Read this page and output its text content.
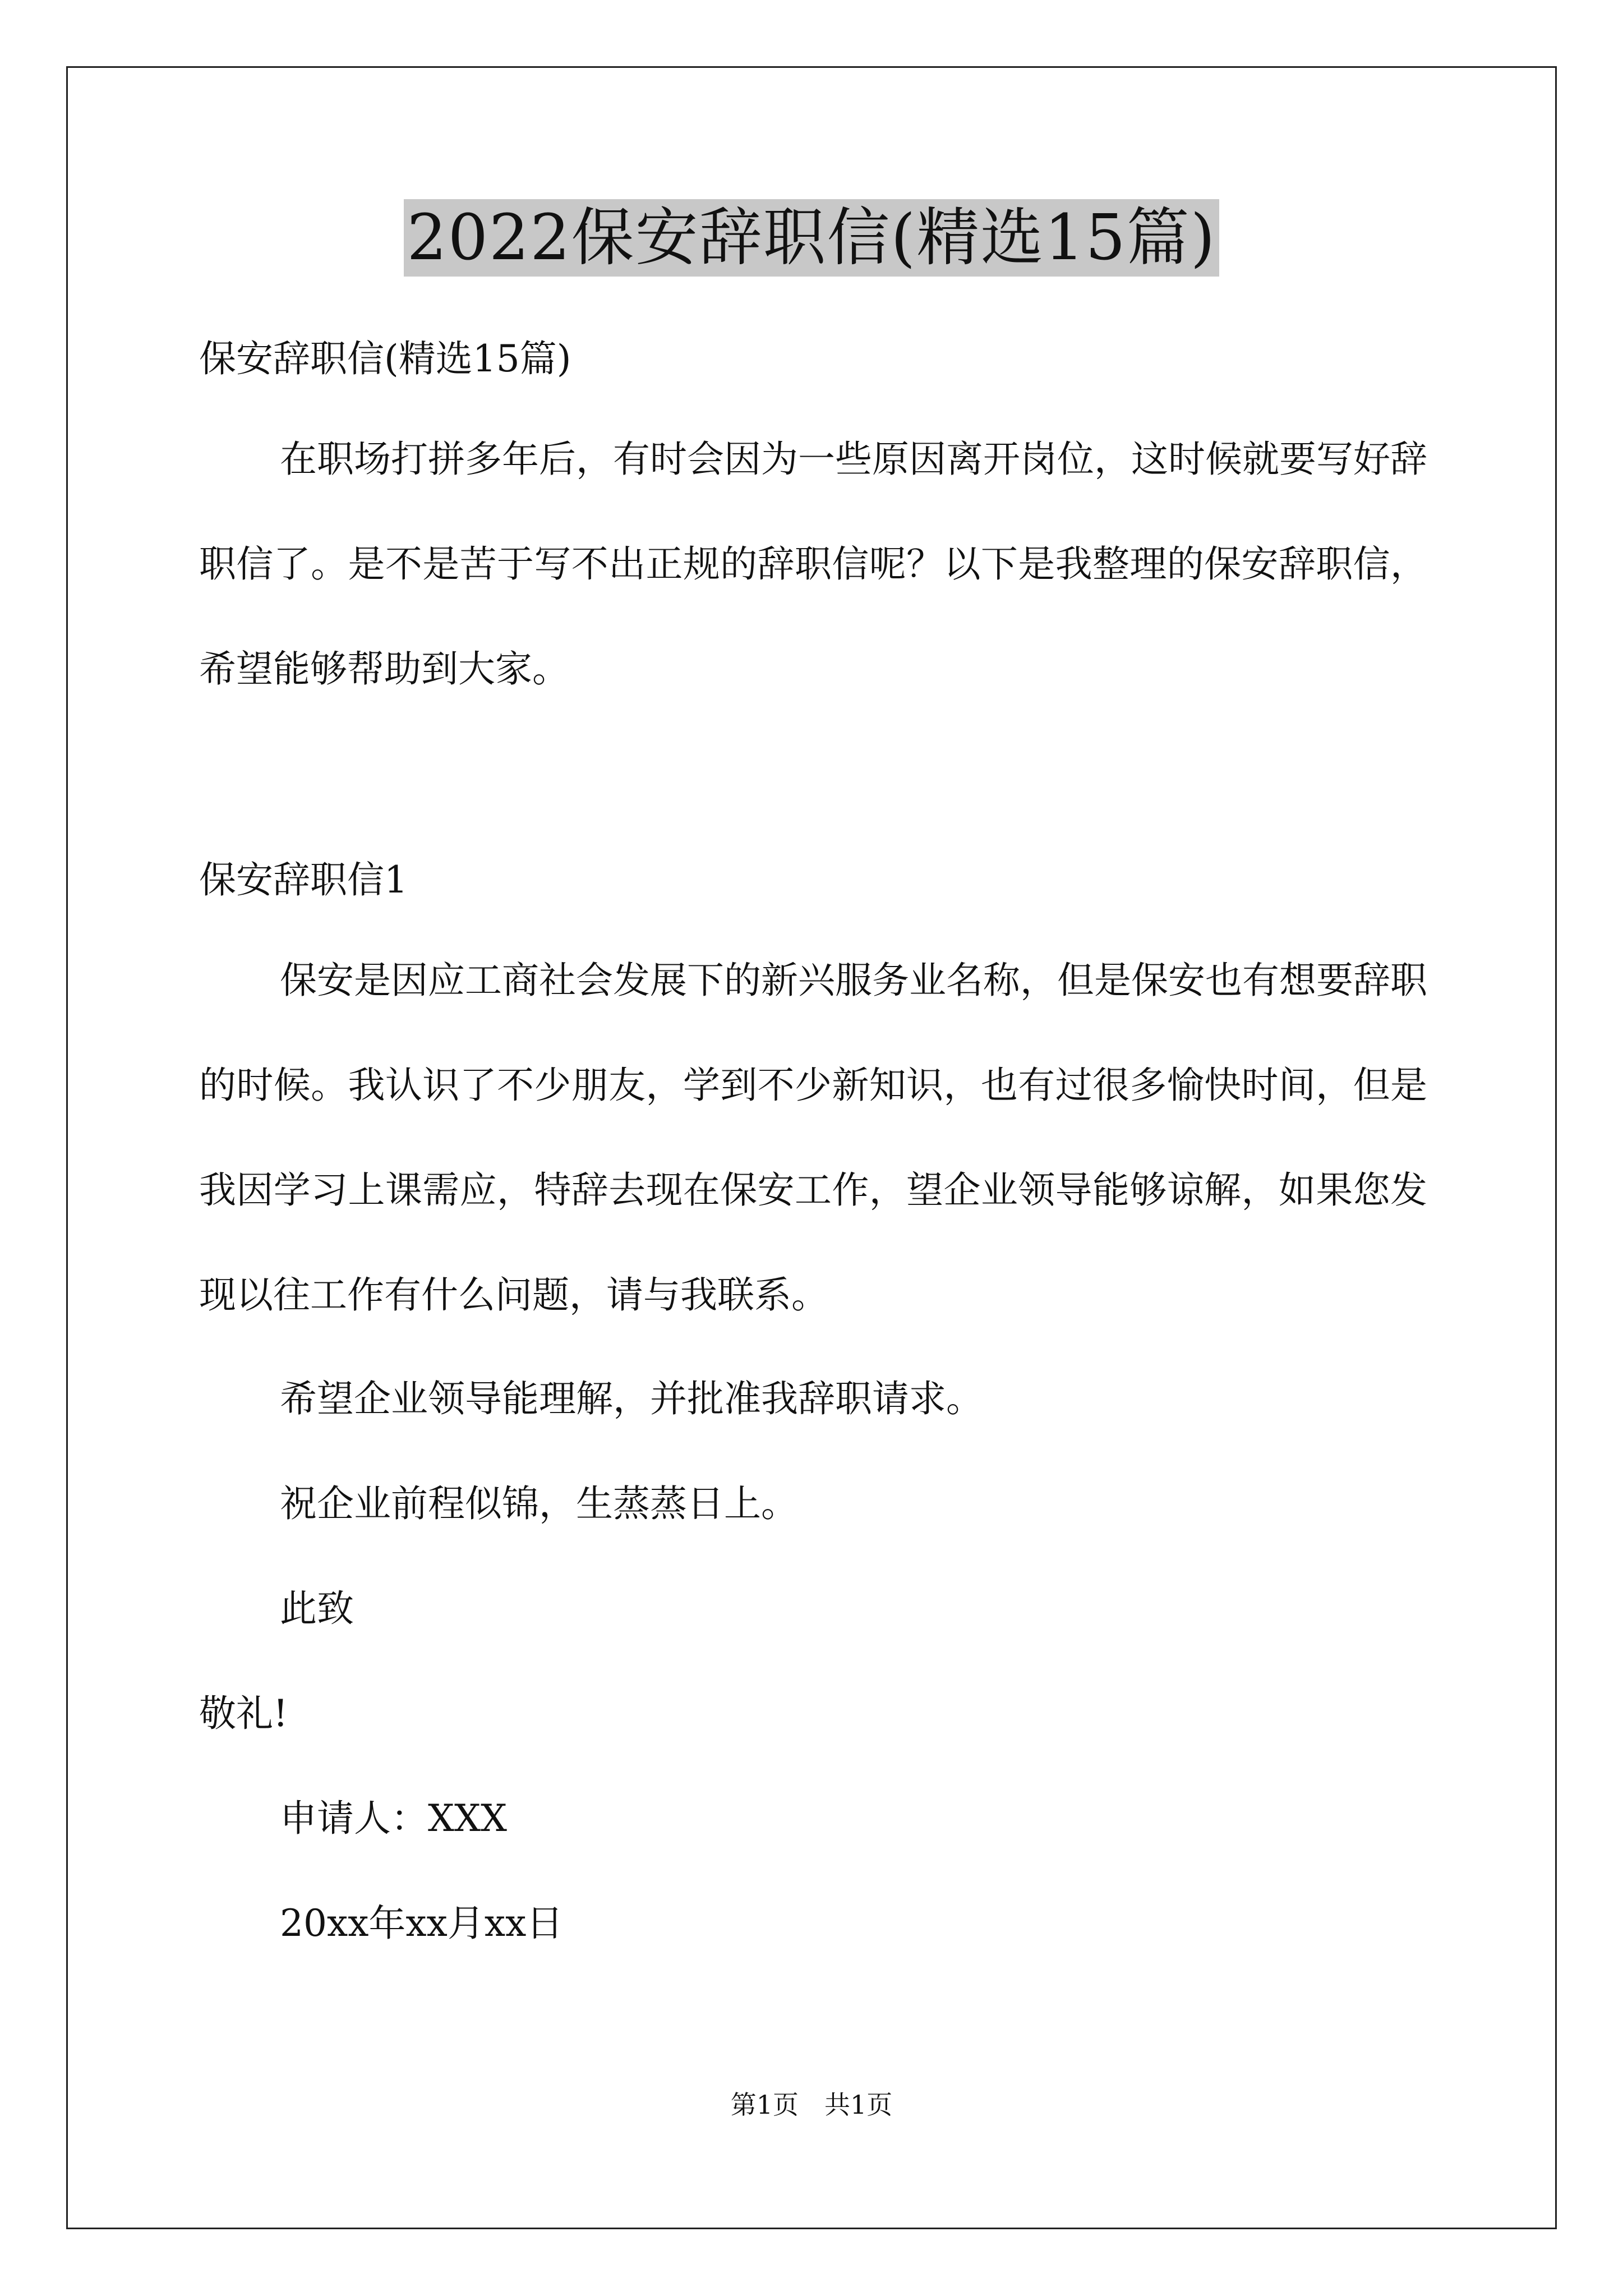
2022保安辞职信(精选15篇)
保安辞职信(精选15篇)

在职场打拼多年后，有时会因为一些原因离开岗位，这时候就要写好辞职信了。是不是苦于写不出正规的辞职信呢？以下是我整理的保安辞职信，希望能够帮助到大家。

保安辞职信1

保安是因应工商社会发展下的新兴服务业名称，但是保安也有想要辞职的时候。我认识了不少朋友，学到不少新知识，也有过很多愉快时间，但是我因学习上课需应，特辞去现在保安工作，望企业领导能够谅解，如果您发现以往工作有什么问题，请与我联系。

希望企业领导能理解，并批准我辞职请求。
祝企业前程似锦，生蒸蒸日上。
此致
敬礼!
申请人：XXX
20xx年xx月xx日
第1页　共1页
